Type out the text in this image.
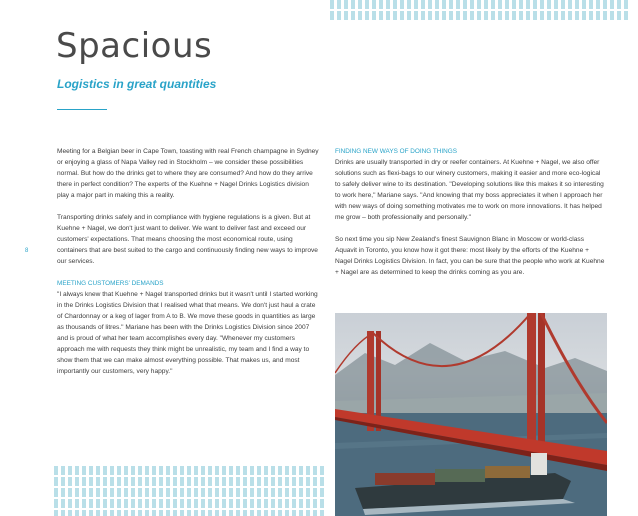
Spacious
Logistics in great quantities
8

Meeting for a Belgian beer in Cape Town, toasting with real French champagne in Sydney or enjoying a glass of Napa Valley red in Stockholm – we consider these possibilities normal. But how do the drinks get to where they are consumed? And how do they arrive there in perfect condition? The experts of the Kuehne + Nagel Drinks Logistics division play a major part in making this a reality.

Transporting drinks safely and in compliance with hygiene regulations is a given. But at Kuehne + Nagel, we don't just want to deliver. We want to deliver fast and exceed our customers' expectations. That means choosing the most economical route, using containers that are best suited to the cargo and continuously finding new ways to improve our services.

MEETING CUSTOMERS' DEMANDS
"I always knew that Kuehne + Nagel transported drinks but it wasn't until I started working in the Drinks Logistics Division that I realised what that means. We don't just haul a crate of Chardonnay or a keg of lager from A to B. We move these goods in quantities as large as thousands of litres." Mariane has been with the Drinks Logistics Division since 2007 and is proud of what her team accomplishes every day. "Whenever my customers approach me with requests they think might be unrealistic, my team and I find a way to show them that we can make almost everything possible. That makes us, and most importantly our customers, very happy."

FINDING NEW WAYS OF DOING THINGS
Drinks are usually transported in dry or reefer containers. At Kuehne + Nagel, we also offer solutions such as flexi-bags to our winery customers, making it easier and more eco-logical to safely deliver wine to its destination. "Developing solutions like this makes it so interesting to work here," Mariane says. "And knowing that my boss appreciates it when I approach her with new ways of doing something motivates me to work on more innovations. It has helped me grow – both professionally and personally."

So next time you sip New Zealand's finest Sauvignon Blanc in Moscow or world-class Aquavit in Toronto, you know how it got there: most likely by the efforts of the Kuehne + Nagel Drinks Logistics Division. In fact, you can be sure that the people who work at Kuehne + Nagel are as determined to keep the drinks coming as you are.
